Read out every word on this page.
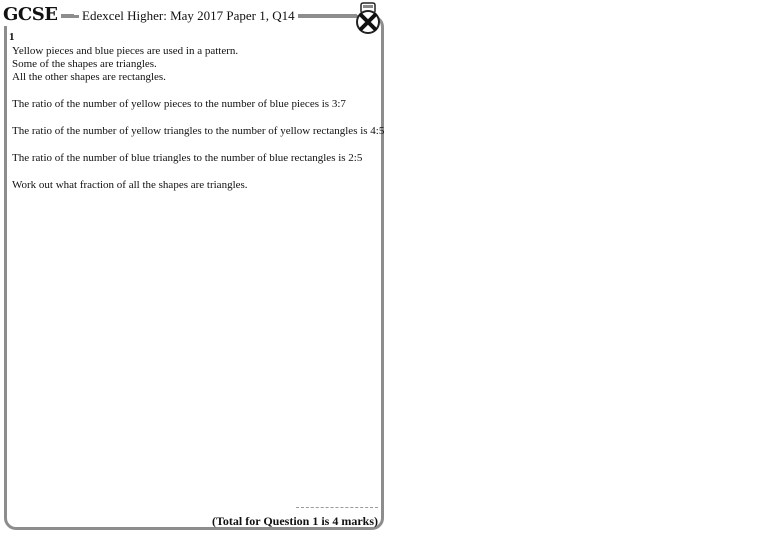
GCSE	Edexcel Higher: May 2017 Paper 1, Q14
1

Yellow pieces and blue pieces are used in a pattern.

Some of the shapes are triangles.

All the other shapes are rectangles.

The ratio of the number of yellow pieces to the number of blue pieces is 3:7

The ratio of the number of yellow triangles to the number of yellow rectangles is 4:5

The ratio of the number of blue triangles to the number of blue rectangles is 2:5

Work out what fraction of all the shapes are triangles.

(Total for Question 1 is 4 marks)
